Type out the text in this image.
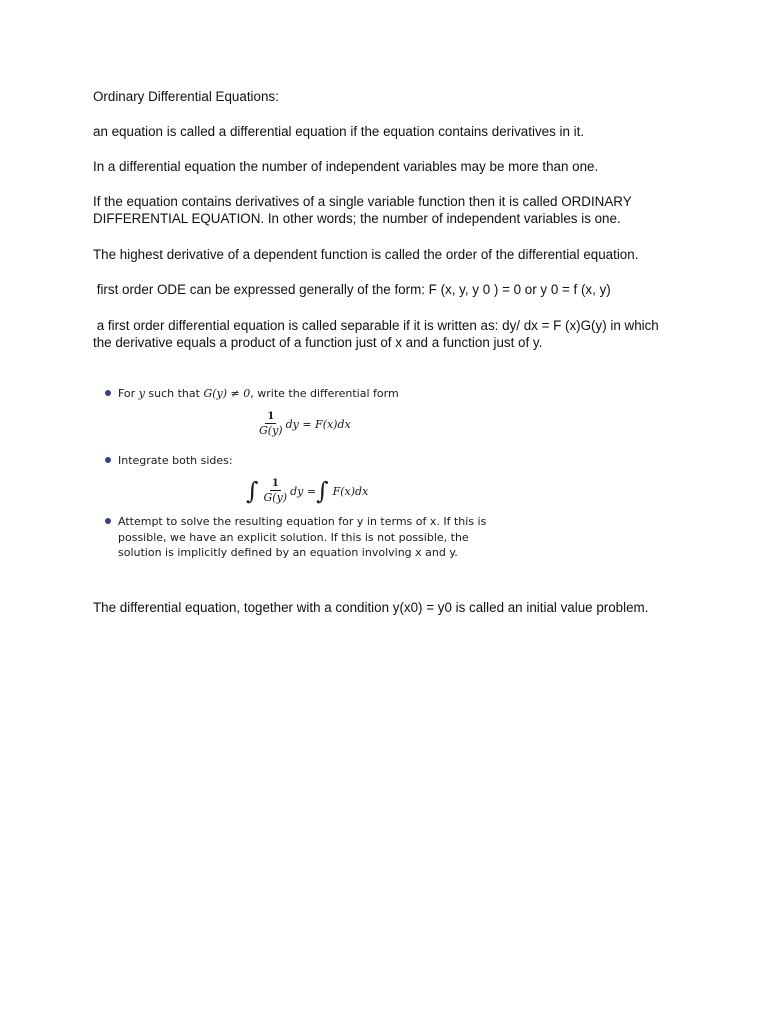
Ordinary Differential Equations:

an equation is called a differential equation if the equation contains derivatives in it.

In a differential equation the number of independent variables may be more than one.

If the equation contains derivatives of a single variable function then it is called ORDINARY DIFFERENTIAL EQUATION. In other words; the number of independent variables is one.

The highest derivative of a dependent function is called the order of the differential equation.

first order ODE can be expressed generally of the form: F (x, y, y 0 ) = 0 or y 0 = f (x, y)

a first order differential equation is called separable if it is written as: dy/ dx = F (x)G(y) in which the derivative equals a product of a function just of x and a function just of y.

For y such that G(y) ≠ 0, write the differential form
$\frac{1}{G(y)}$ dy = F(x)dx
Integrate both sides:
∫ $\frac{1}{G(y)}$ dy = ∫ F(x)dx
Attempt to solve the resulting equation for y in terms of x. If this is
possible, we have an explicit solution. If this is not possible, the
solution is implicitly defined by an equation involving x and y.

The differential equation, together with a condition y(x0) = y0 is called an initial value problem.
